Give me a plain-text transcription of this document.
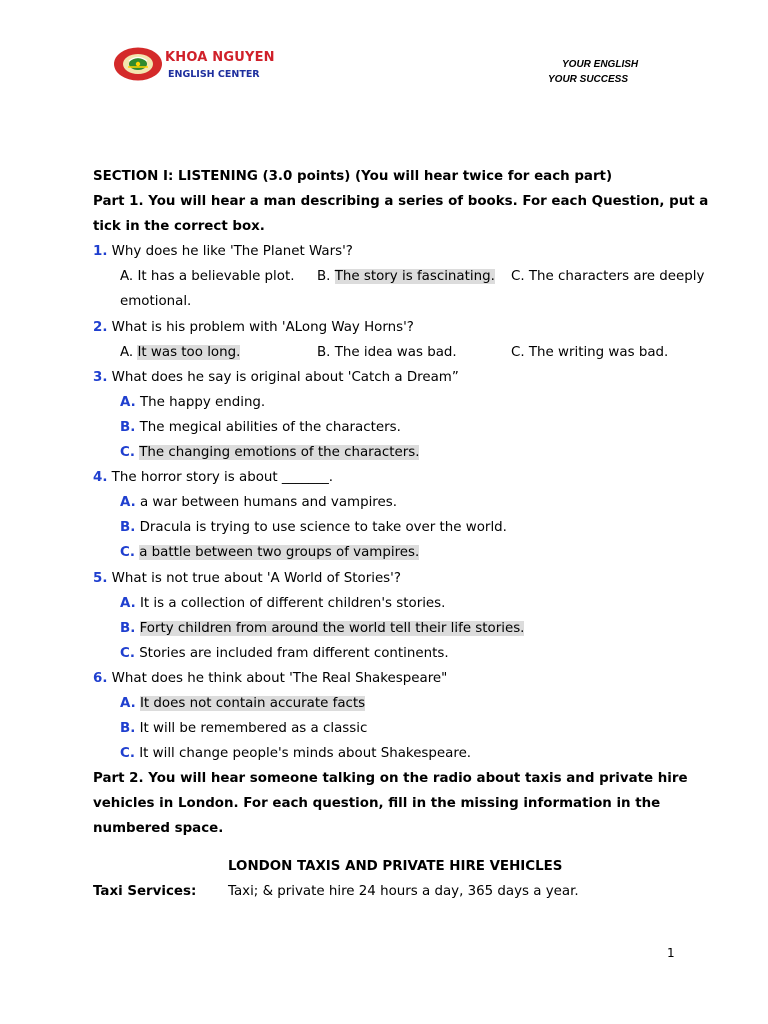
KHOA NGUYEN
ENGLISH CENTER
YOUR ENGLISH
YOUR SUCCESS
SECTION I: LISTENING (3.0 points) (You will hear twice for each part)
Part 1. You will hear a man describing a series of books. For each Question, put a
tick in the correct box.
1. Why does he like 'The Planet Wars'?
A. It has a believable plot.	B. The story is fascinating.	C. The characters are deeply
emotional.
2. What is his problem with 'ALong Way Horns'?
A. It was too long.	B. The idea was bad.	C. The writing was bad.
3. What does he say is original about 'Catch a Dream”
A. The happy ending.
B. The megical abilities of the characters.
C. The changing emotions of the characters.
4. The horror story is about _______.
A. a war between humans and vampires.
B. Dracula is trying to use science to take over the world.
C. a battle between two groups of vampires.
5. What is not true about 'A World of Stories'?
A. It is a collection of different children's stories.
B. Forty children from around the world tell their life stories.
C. Stories are included fram different continents.
6. What does he think about 'The Real Shakespeare"
A. It does not contain accurate facts
B. It will be remembered as a classic
C. It will change people's minds about Shakespeare.
Part 2. You will hear someone talking on the radio about taxis and private hire
vehicles in London. For each question, fill in the missing information in the
numbered space.
LONDON TAXIS AND PRIVATE HIRE VEHICLES
Taxi Services:	Taxi; & private hire 24 hours a day, 365 days a year.
1
